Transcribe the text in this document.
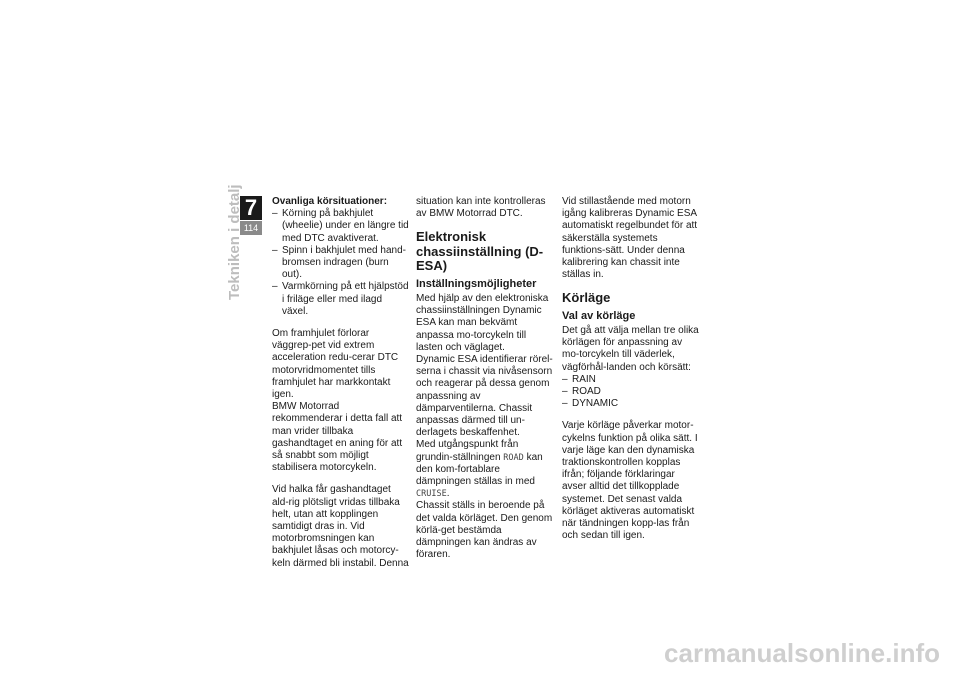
7
114
Tekniken i detalj	Ovanliga körsituationer:
– Körning på bakhjulet (wheelie) under en längre tid med DTC avaktiverat.
– Spinn i bakhjulet med hand-bromsen indragen (burn out).
– Varmkörning på ett hjälpstöd i friläge eller med ilagd växel.

Om framhjulet förlorar väggrep-pet vid extrem acceleration redu-cerar DTC motorvridmomentet tills framhjulet har markkontakt igen.

BMW Motorrad rekommenderar i detta fall att man vrider tillbaka gashandtaget en aning för att så snabbt som möjligt stabilisera motorcykeln.

Vid halka får gashandtaget ald-rig plötsligt vridas tillbaka helt, utan att kopplingen samtidigt dras in. Vid motorbromsningen kan bakhjulet låsas och motorcy-keln därmed bli instabil. Denna

situation kan inte kontrolleras av BMW Motorrad DTC.

Elektronisk chassiinställning (D-ESA)
Inställningsmöjligheter

Med hjälp av den elektroniska chassiinställningen Dynamic ESA kan man bekvämt anpassa mo-torcykeln till lasten och väglaget.

Dynamic ESA identifierar rörel-serna i chassit via nivåsensorn och reagerar på dessa genom anpassning av dämparventilerna. Chassit anpassas därmed till un-derlagets beskaffenhet.

Med utgångspunkt från grundin-ställningen ROAD kan den kom-fortablare dämpningen ställas in med CRUISE.

Chassit ställs in beroende på det valda körläget. Den genom körlä-get bestämda dämpningen kan ändras av föraren.

Vid stillastående med motorn igång kalibreras Dynamic ESA automatiskt regelbundet för att säkerställa systemets funktions-sätt. Under denna kalibrering kan chassit inte ställas in.

Körläge
Val av körläge

Det gå att välja mellan tre olika körlägen för anpassning av mo-torcykeln till väderlek, vägförhål-landen och körsätt:

– RAIN
– ROAD
– DYNAMIC

Varje körläge påverkar motor-cykelns funktion på olika sätt. I varje läge kan den dynamiska traktionskontrollen kopplas ifrån; följande förklaringar avser alltid det tillkopplade systemet. Det senast valda körläget aktiveras automatiskt när tändningen kopp-las från och sedan till igen.

carmanualsonline.info
